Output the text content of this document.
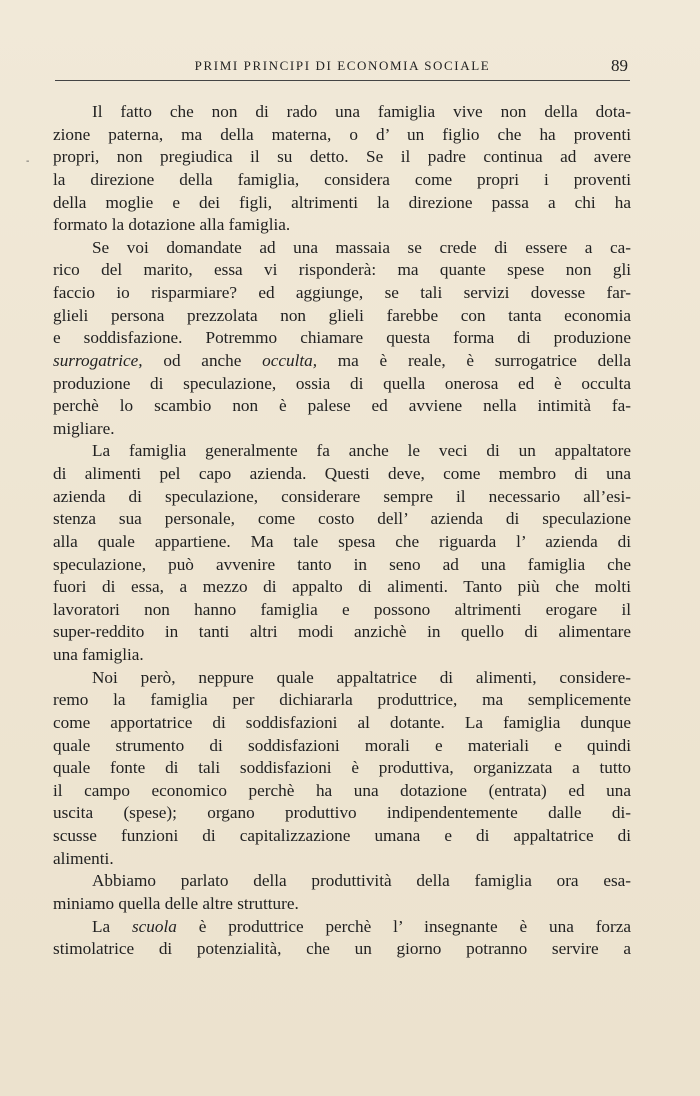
PRIMI PRINCIPI DI ECONOMIA SOCIALE	89
-
Il fatto che non di rado una famiglia vive non della dota-
zione paterna, ma della materna, o d’ un figlio che ha proventi
propri, non pregiudica il su detto. Se il padre continua ad avere
la direzione della famiglia, considera come propri i proventi
della moglie e dei figli, altrimenti la direzione passa a chi ha
formato la dotazione alla famiglia.
Se voi domandate ad una massaia se crede di essere a ca-
rico del marito, essa vi risponderà: ma quante spese non gli
faccio io risparmiare? ed aggiunge, se tali servizi dovesse far-
glieli persona prezzolata non glieli farebbe con tanta economia
e soddisfazione. Potremmo chiamare questa forma di produzione
surrogatrice, od anche occulta, ma è reale, è surrogatrice della
produzione di speculazione, ossia di quella onerosa ed è occulta
perchè lo scambio non è palese ed avviene nella intimità fa-
migliare.
La famiglia generalmente fa anche le veci di un appaltatore
di alimenti pel capo azienda. Questi deve, come membro di una
azienda di speculazione, considerare sempre il necessario all’esi-
stenza sua personale, come costo dell’ azienda di speculazione
alla quale appartiene. Ma tale spesa che riguarda l’ azienda di
speculazione, può avvenire tanto in seno ad una famiglia che
fuori di essa, a mezzo di appalto di alimenti. Tanto più che molti
lavoratori non hanno famiglia e possono altrimenti erogare il
super-reddito in tanti altri modi anzichè in quello di alimentare
una famiglia.
Noi però, neppure quale appaltatrice di alimenti, considere-
remo la famiglia per dichiararla produttrice, ma semplicemente
come apportatrice di soddisfazioni al dotante. La famiglia dunque
quale strumento di soddisfazioni morali e materiali e quindi
quale fonte di tali soddisfazioni è produttiva, organizzata a tutto
il campo economico perchè ha una dotazione (entrata) ed una
uscita (spese); organo produttivo indipendentemente dalle di-
scusse funzioni di capitalizzazione umana e di appaltatrice di
alimenti.
Abbiamo parlato della produttività della famiglia ora esa-
miniamo quella delle altre strutture.
La scuola è produttrice perchè l’ insegnante è una forza
stimolatrice di potenzialità, che un giorno potranno servire a
